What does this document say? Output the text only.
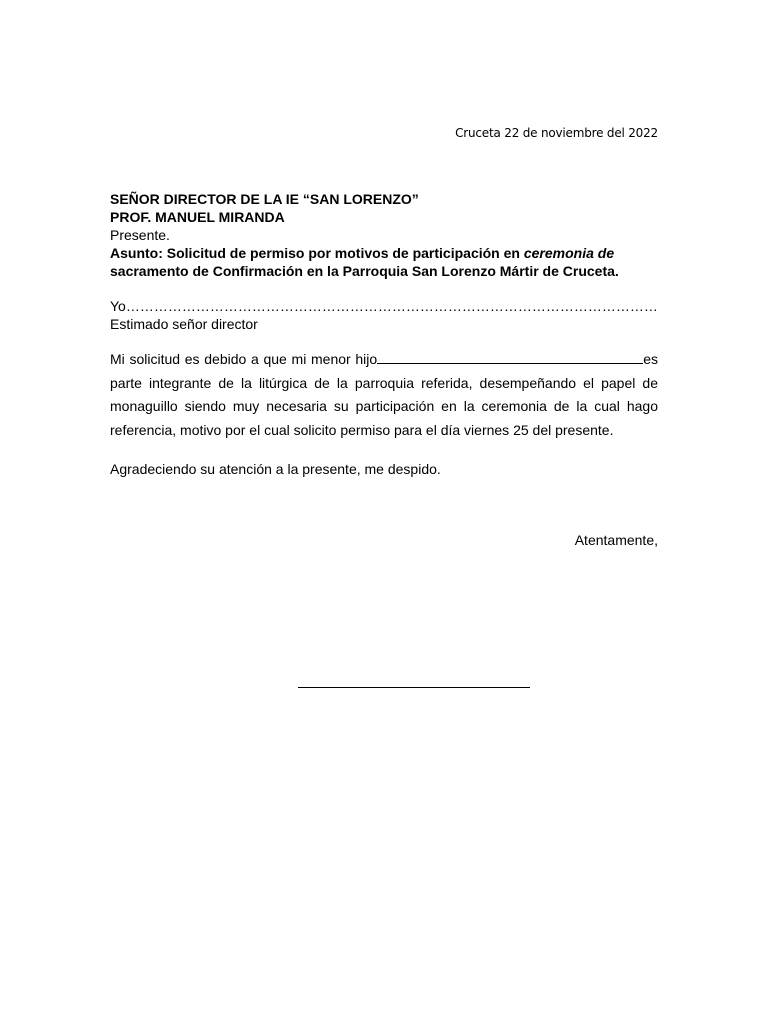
Cruceta 22 de noviembre del 2022
SEÑOR DIRECTOR DE LA IE “SAN LORENZO”
PROF. MANUEL MIRANDA
Presente.
Asunto: Solicitud de permiso por motivos de participación en ceremonia de
sacramento de Confirmación en la Parroquia San Lorenzo Mártir de Cruceta.
Yo……………………………………………………………………………………………………
Estimado señor director
Mi solicitud es debido a que mi menor hijo	es parte integrante de la litúrgica de la parroquia referida, desempeñando el papel de monaguillo siendo muy necesaria su participación en la ceremonia de la cual hago referencia, motivo por el cual solicito permiso para el día viernes 25 del presente.
Agradeciendo su atención a la presente, me despido.
Atentamente,
